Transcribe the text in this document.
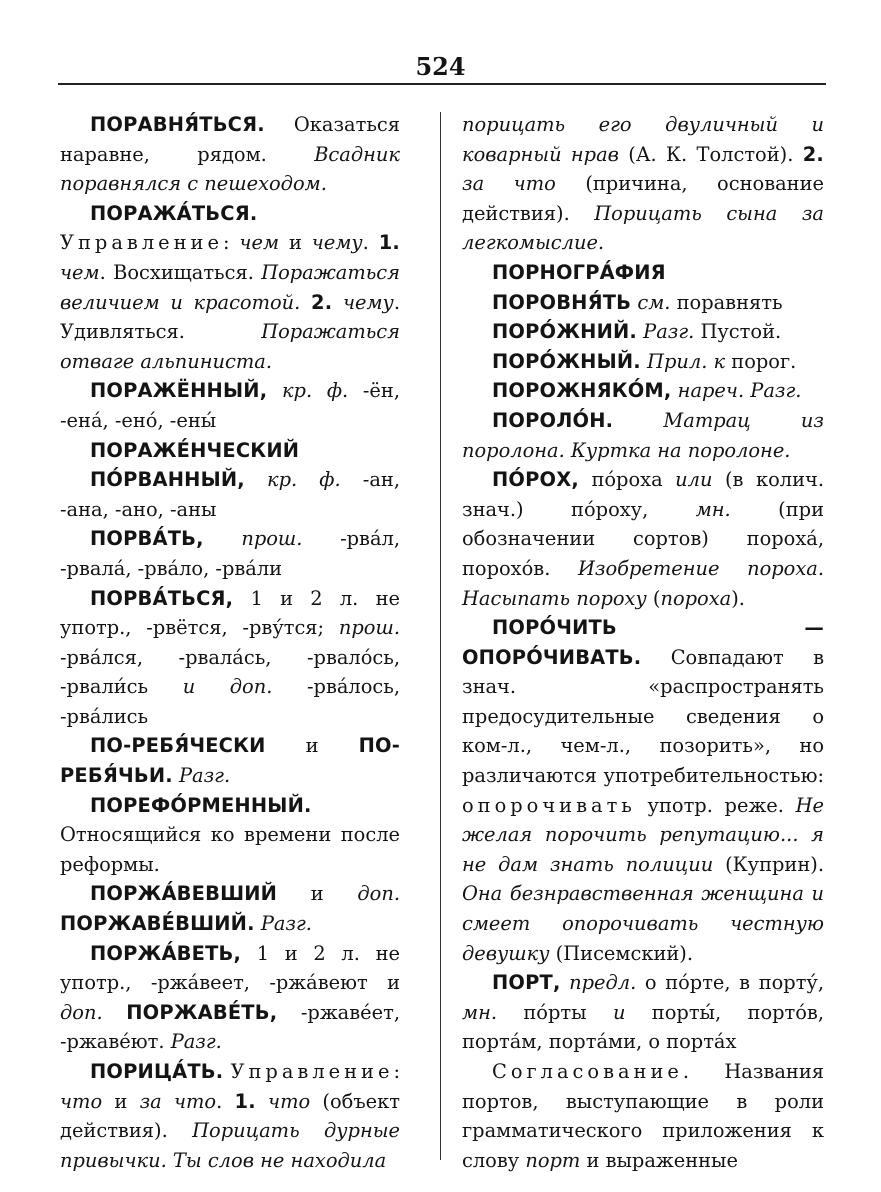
524

ПОРАВНЯ́ТЬСЯ. Оказаться наравне, рядом. Всадник поравнялся с пешеходом.

ПОРАЖА́ТЬСЯ. Управление: чем и чему. 1. чем. Восхищаться. Поражаться величием и красотой. 2. чему. Удивляться. Поражаться отваге альпиниста.

ПОРАЖЁННЫЙ, кр. ф. -ён, -ена́, -ено́, -ены́

ПОРАЖЕ́НЧЕСКИЙ

ПО́РВАННЫЙ, кр. ф. -ан, -ана, -ано, -аны

ПОРВА́ТЬ, прош. -рва́л, -рвала́, -рва́ло, -рва́ли

ПОРВА́ТЬСЯ, 1 и 2 л. не употр., -рвётся, -рву́тся; прош. -рва́лся, -рвала́сь, -рвало́сь, -рвали́сь и доп. -рва́лось, -рва́лись

ПО-РЕБЯ́ЧЕСКИ и ПО-РЕБЯ́ЧЬИ. Разг.

ПОРЕФО́РМЕННЫЙ. Относящийся ко времени после реформы.

ПОРЖА́ВЕВШИЙ и доп. ПОРЖАВЕ́ВШИЙ. Разг.

ПОРЖА́ВЕТЬ, 1 и 2 л. не употр., -ржа́веет, -ржа́веют и доп. ПОРЖАВЕ́ТЬ, -ржаве́ет, -ржаве́ют. Разг.

ПОРИЦА́ТЬ. Управление: что и за что. 1. что (объект действия). Порицать дурные привычки. Ты слов не находила

порицать его двуличный и коварный нрав (А. К. Толстой). 2. за что (причина, основание действия). Порицать сына за легкомыслие.

ПОРНОГРА́ФИЯ

ПОРОВНЯ́ТЬ см. поравнять

ПОРО́ЖНИЙ. Разг. Пустой.

ПОРО́ЖНЫЙ. Прил. к порог.

ПОРОЖНЯКО́М, нареч. Разг.

ПОРОЛО́Н.	Матрац из поролона. Куртка на поролоне.

ПО́РОХ, по́роха или (в колич. знач.) по́роху, мн. (при обозначении сортов) пороха́, порохо́в. Изобретение пороха. Насыпать пороху (пороха).

ПОРО́ЧИТЬ — ОПОРО́ЧИВАТЬ. Совпадают в знач. «распространять предосудительные сведения о ком-л., чем-л., позорить», но различаются употребительностью: опорочивать употр. реже. Не желая порочить репутацию... я не дам знать полиции (Куприн). Она безнравственная женщина и смеет опорочивать честную девушку (Писемский).

ПОРТ, предл. о по́рте, в порту́, мн. по́рты и порты́, порто́в, порта́м, порта́ми, о порта́х

Согласование. Названия портов, выступающие в роли грамматического приложения к слову порт и выраженные
